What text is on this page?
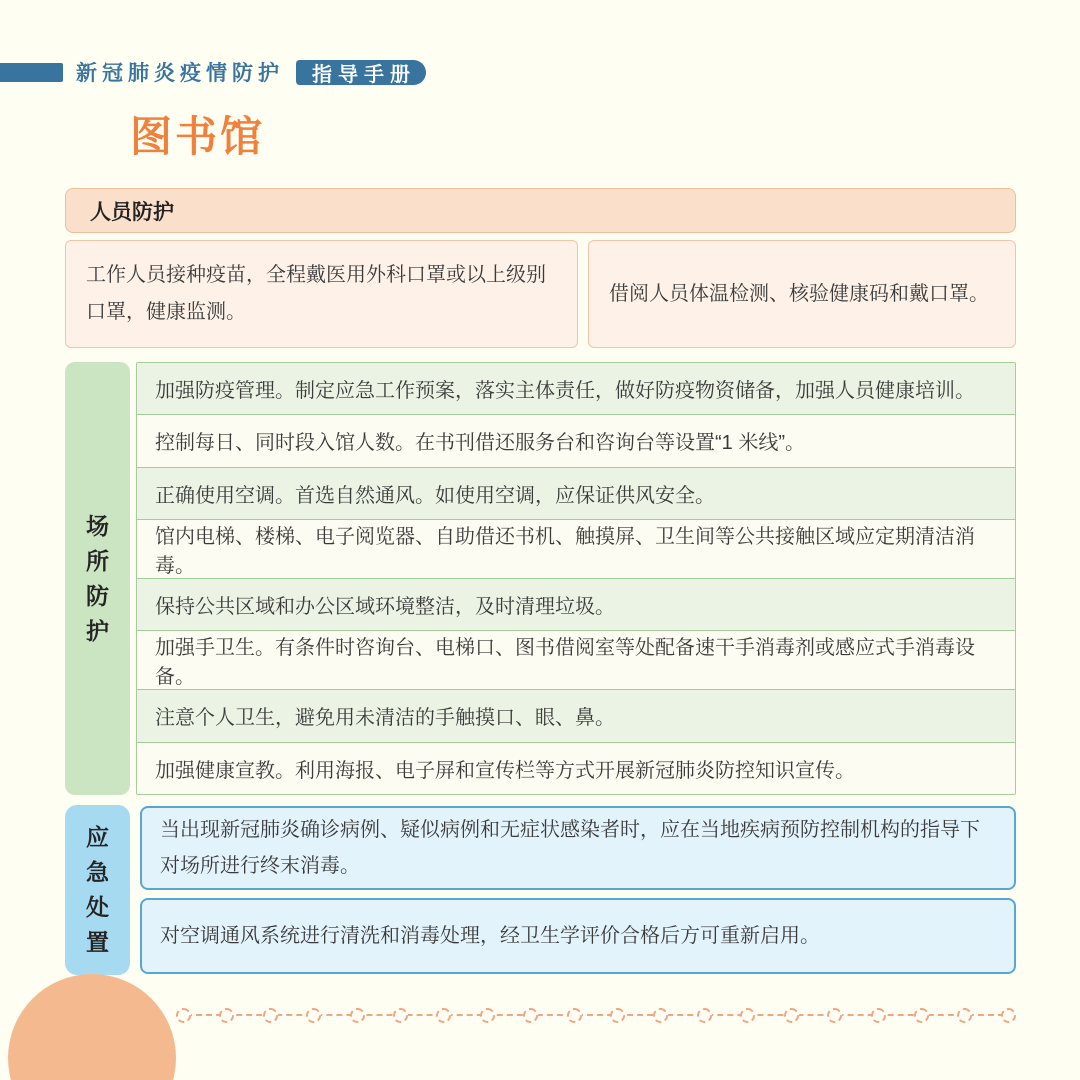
新冠肺炎疫情防护	指导手册
图书馆
人员防护
工作人员接种疫苗，全程戴医用外科口罩或以上级别口罩，健康监测。
借阅人员体温检测、核验健康码和戴口罩。
场所防护
加强防疫管理。制定应急工作预案，落实主体责任，做好防疫物资储备，加强人员健康培训。
控制每日、同时段入馆人数。在书刊借还服务台和咨询台等设置“1 米线”。
正确使用空调。首选自然通风。如使用空调，应保证供风安全。
馆内电梯、楼梯、电子阅览器、自助借还书机、触摸屏、卫生间等公共接触区域应定期清洁消毒。
保持公共区域和办公区域环境整洁，及时清理垃圾。
加强手卫生。有条件时咨询台、电梯口、图书借阅室等处配备速干手消毒剂或感应式手消毒设备。
注意个人卫生，避免用未清洁的手触摸口、眼、鼻。
加强健康宣教。利用海报、电子屏和宣传栏等方式开展新冠肺炎防控知识宣传。
应急处置
当出现新冠肺炎确诊病例、疑似病例和无症状感染者时，应在当地疾病预防控制机构的指导下对场所进行终末消毒。
对空调通风系统进行清洗和消毒处理，经卫生学评价合格后方可重新启用。
